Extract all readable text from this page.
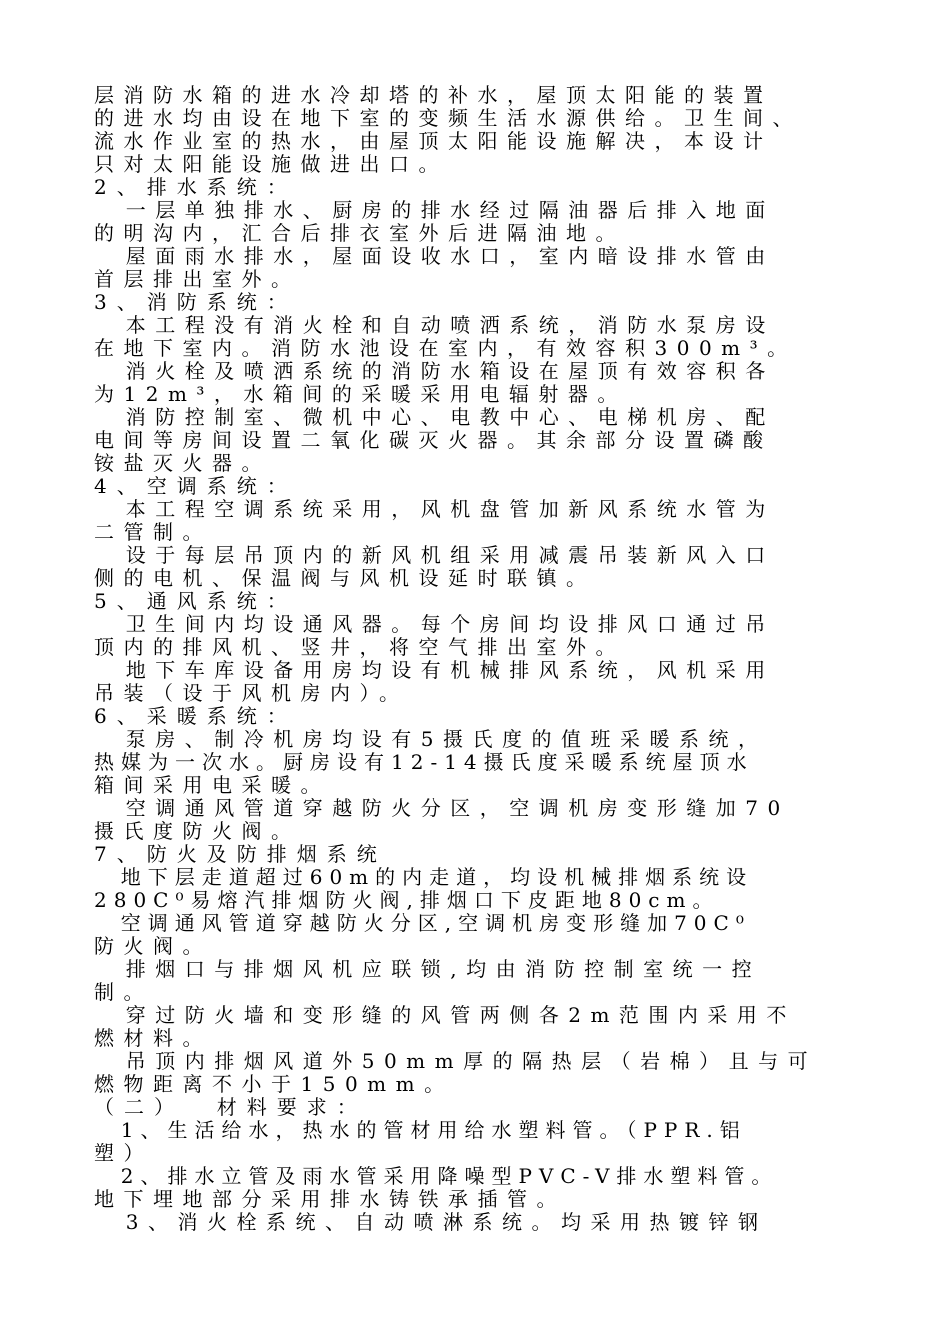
层消防水箱的进水冷却塔的补水，屋顶太阳能的装置
的进水均由设在地下室的变频生活水源供给。卫生间、
流水作业室的热水，由屋顶太阳能设施解决，本设计
只对太阳能设施做进出口。
2、排水系统：
一层单独排水、厨房的排水经过隔油器后排入地面
的明沟内，汇合后排衣室外后进隔油地。
屋面雨水排水，屋面设收水口，室内暗设排水管由
首层排出室外。
3、消防系统：
本工程没有消火栓和自动喷洒系统，消防水泵房设
在地下室内。消防水池设在室内，有效容积300m³。
消火栓及喷洒系统的消防水箱设在屋顶有效容积各
为12m³，水箱间的采暖采用电辐射器。
消防控制室、微机中心、电教中心、电梯机房、配
电间等房间设置二氧化碳灭火器。其余部分设置磷酸
铵盐灭火器。
4、空调系统：
本工程空调系统采用，风机盘管加新风系统水管为
二管制。
设于每层吊顶内的新风机组采用减震吊装新风入口
侧的电机、保温阀与风机设延时联镇。
5、通风系统：
卫生间内均设通风器。每个房间均设排风口通过吊
顶内的排风机、竖井，将空气排出室外。
地下车库设备用房均设有机械排风系统，风机采用
吊装（设于风机房内）。
6、采暖系统：
泵房、制冷机房均设有5摄氏度的值班采暖系统，
热媒为一次水。厨房设有12-14摄氏度采暖系统屋顶水
箱间采用电采暖。
空调通风管道穿越防火分区，空调机房变形缝加70
摄氏度防火阀。
7、防火及防排烟系统
地下层走道超过60m的内走道，均设机械排烟系统设
280C⁰易熔汽排烟防火阀,排烟口下皮距地80cm。
空调通风管道穿越防火分区,空调机房变形缝加70C⁰
防火阀。
排烟口与排烟风机应联锁,均由消防控制室统一控
制。
穿过防火墙和变形缝的风管两侧各2m范围内采用不
燃材料。
吊顶内排烟风道外50mm厚的隔热层（岩棉）且与可
燃物距离不小于150mm。
（二）  材料要求：
1、生活给水，热水的管材用给水塑料管。（PPR.铝
塑）
2、排水立管及雨水管采用降噪型PVC-V排水塑料管。
地下埋地部分采用排水铸铁承插管。
3、消火栓系统、自动喷淋系统。均采用热镀锌钢
